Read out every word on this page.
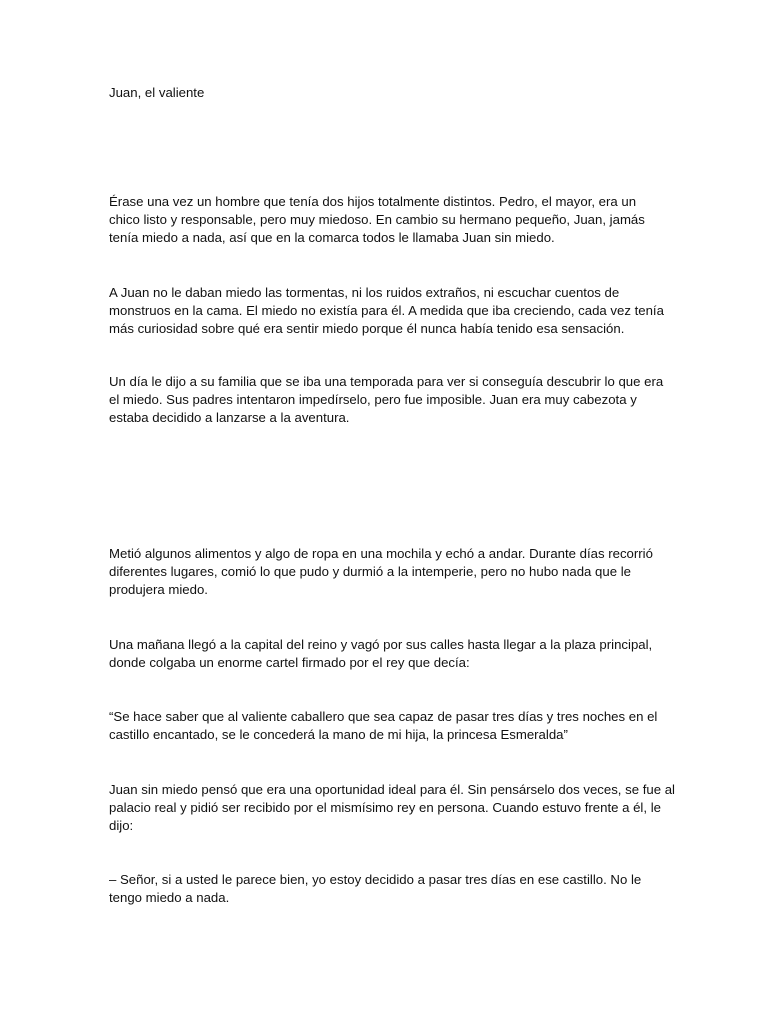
Juan, el valiente

Érase una vez un hombre que tenía dos hijos totalmente distintos. Pedro, el mayor, era un
chico listo y responsable, pero muy miedoso. En cambio su hermano pequeño, Juan, jamás
tenía miedo a nada, así que en la comarca todos le llamaba Juan sin miedo.

A Juan no le daban miedo las tormentas, ni los ruidos extraños, ni escuchar cuentos de
monstruos en la cama. El miedo no existía para él. A medida que iba creciendo, cada vez tenía
más curiosidad sobre qué era sentir miedo porque él nunca había tenido esa sensación.

Un día le dijo a su familia que se iba una temporada para ver si conseguía descubrir lo que era
el miedo. Sus padres intentaron impedírselo, pero fue imposible. Juan era muy cabezota y
estaba decidido a lanzarse a la aventura.

Metió algunos alimentos y algo de ropa en una mochila y echó a andar. Durante días recorrió
diferentes lugares, comió lo que pudo y durmió a la intemperie, pero no hubo nada que le
produjera miedo.

Una mañana llegó a la capital del reino y vagó por sus calles hasta llegar a la plaza principal,
donde colgaba un enorme cartel firmado por el rey que decía:

“Se hace saber que al valiente caballero que sea capaz de pasar tres días y tres noches en el
castillo encantado, se le concederá la mano de mi hija, la princesa Esmeralda”

Juan sin miedo pensó que era una oportunidad ideal para él. Sin pensárselo dos veces, se fue al
palacio real y pidió ser recibido por el mismísimo rey en persona. Cuando estuvo frente a él, le
dijo:

– Señor, si a usted le parece bien, yo estoy decidido a pasar tres días en ese castillo. No le
tengo miedo a nada.
